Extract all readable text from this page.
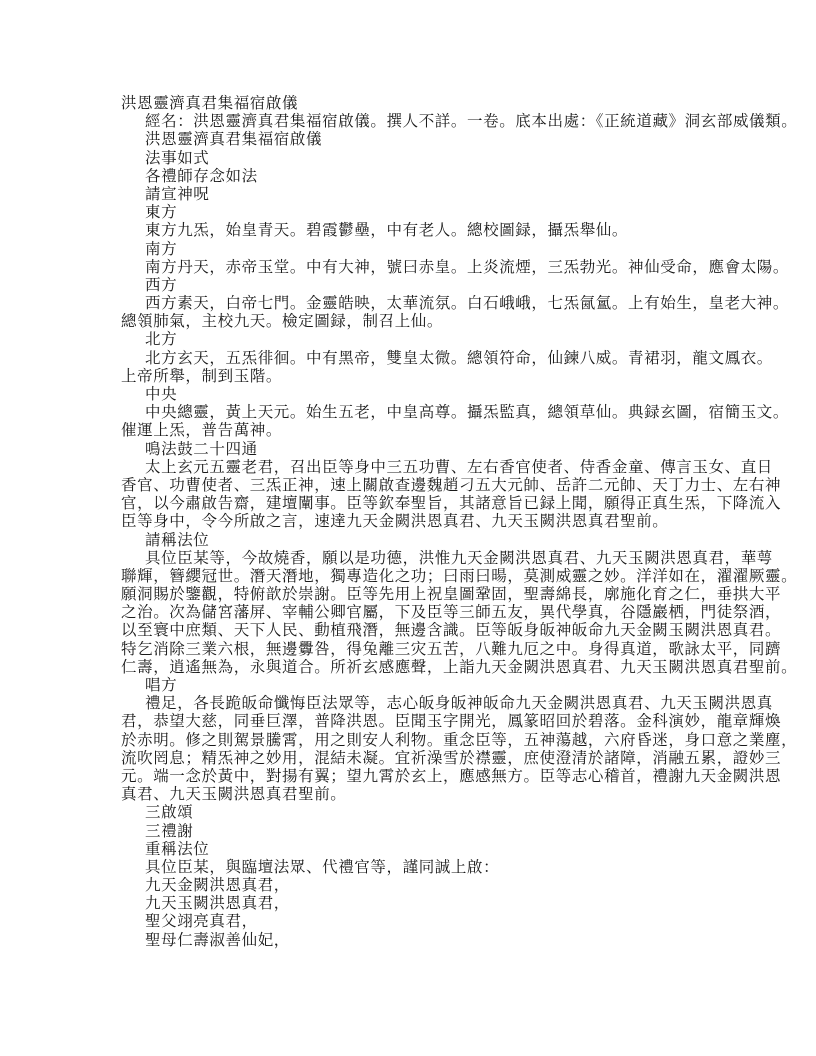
洪恩靈濟真君集福宿啟儀
經名：洪恩靈濟真君集福宿啟儀。撰人不詳。一卷。底本出處：《正統道藏》洞玄部威儀類。
洪恩靈濟真君集福宿啟儀
法事如式
各禮師存念如法
請宣神呪
東方
東方九炁，始皇青天。碧霞鬱壘，中有老人。總校圖録，攝炁舉仙。
南方
南方丹天，赤帝玉堂。中有大神，號曰赤皇。上炎流煙，三炁勃光。神仙受命，應會太陽。
西方
西方素天，白帝七門。金靈皓映，太華流氛。白石峨峨，七炁氤氳。上有始生，皇老大神。
總領肺氣，主校九天。檢定圖録，制召上仙。
北方
北方玄天，五炁徘徊。中有黑帝，雙皇太微。總領符命，仙鍊八威。青裙羽，龍文鳳衣。
上帝所舉，制到玉階。
中央
中央總靈，黃上天元。始生五老，中皇高尊。攝炁監真，總領草仙。典録玄圖，宿簡玉文。
催運上炁，普告萬神。
鳴法鼓二十四通
太上玄元五靈老君，召出臣等身中三五功曹、左右香官使者、侍香金童、傳言玉女、直日
香官、功曹使者、三炁正神，速上關啟查邊魏趙刁五大元帥、岳許二元帥、天丁力士、左右神
官，以今肅啟告齋，建壇闡事。臣等欽奉聖旨，其諸意旨已録上聞，願得正真生炁，下降流入
臣等身中，令今所啟之言，速達九天金闕洪恩真君、九天玉闕洪恩真君聖前。
請稱法位
具位臣某等，今故燒香，願以是功德，洪惟九天金闕洪恩真君、九天玉闕洪恩真君，華萼
聯輝，簪纓冠世。潛天潛地，獨專造化之功；曰雨曰暘，莫測威靈之妙。洋洋如在，濯濯厥靈。
願洞賜於鑒觀，特俯歆於崇謝。臣等先用上祝皇圖鞏固，聖壽綿長，廓施化育之仁，垂拱大平
之治。次為儲宮藩屏、宰輔公卿官屬，下及臣等三師五友，異代學真，谷隱巖栖，門徒祭酒，
以至寰中庶類、天下人民、動植飛潛，無邊含識。臣等皈身皈神皈命九天金闕玉闕洪恩真君。
特乞消除三業六根，無邊釁咎，得兔離三灾五苦，八難九厄之中。身得真道，歌詠太平，同躋
仁壽，逍遙無為，永與道合。所祈玄感應聲，上詣九天金闕洪恩真君、九天玉闕洪恩真君聖前。
唱方
禮足，各長跪皈命懺悔臣法眾等，志心皈身皈神皈命九天金闕洪恩真君、九天玉闕洪恩真
君，恭望大慈，同垂巨澤，普降洪恩。臣聞玉字開光，鳳篆昭回於碧落。金科演妙，龍章輝煥
於赤明。修之則駕景騰霄，用之則安人利物。重念臣等，五神蕩越，六府昏迷，身口意之業塵，
流吹罔息；精炁神之妙用，混結未凝。宜祈澡雪於襟靈，庶使澄清於諸障，消融五累，證妙三
元。端一念於黃中，對揚有翼；望九霄於玄上，應感無方。臣等志心稽首，禮謝九天金闕洪恩
真君、九天玉闕洪恩真君聖前。
三啟頌
三禮謝
重稱法位
具位臣某，與臨壇法眾、代禮官等，謹同誠上啟：
九天金闕洪恩真君，
九天玉闕洪恩真君，
聖父翊亮真君，
聖母仁壽淑善仙妃，
